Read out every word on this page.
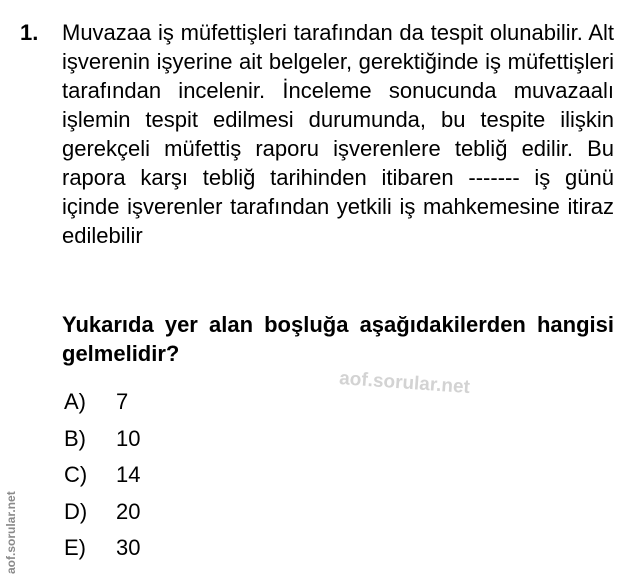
1. Muvazaa iş müfettişleri tarafından da tespit olunabilir. Alt işverenin işyerine ait belgeler, gerektiğinde iş müfettişleri tarafından incelenir. İnceleme sonucunda muvazaalı işlemin tespit edilmesi durumunda, bu tespite ilişkin gerekçeli müfettiş raporu işverenlere tebliğ edilir. Bu rapora karşı tebliğ tarihinden itibaren ------- iş günü içinde işverenler tarafından yetkili iş mahkemesine itiraz edilebilir
Yukarıda yer alan boşluğa aşağıdakilerden hangisi gelmelidir?
aof.sorular.net
A)	7
B)	10
C)	14
D)	20
E)	30
aof.sorular.net
